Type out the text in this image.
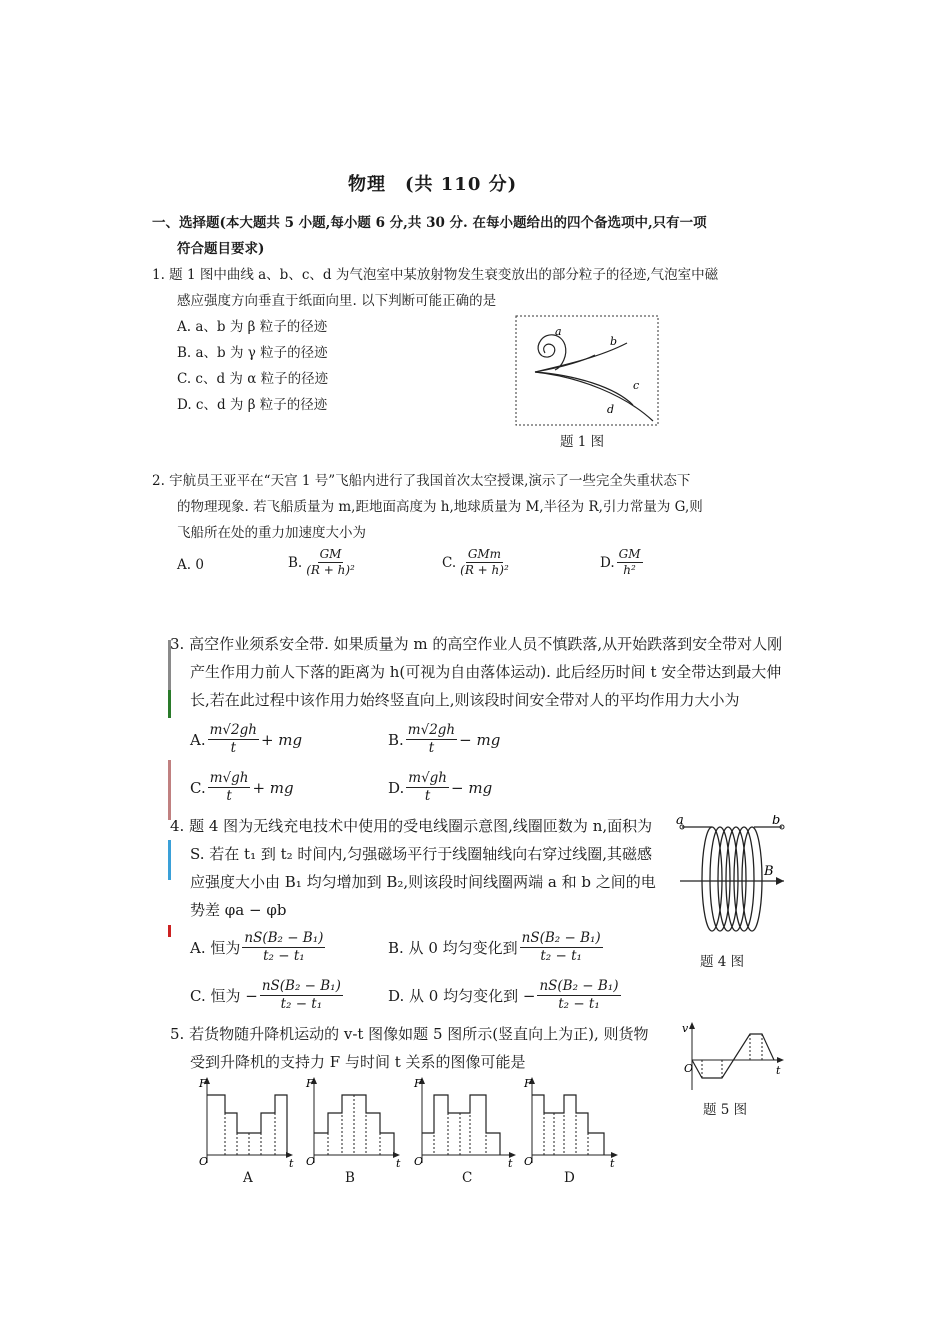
物理　(共 110 分)
一、选择题(本大题共 5 小题,每小题 6 分,共 30 分. 在每小题给出的四个备选项中,只有一项
符合题目要求)
1. 题 1 图中曲线 a、b、c、d 为气泡室中某放射物发生衰变放出的部分粒子的径迹,气泡室中磁
感应强度方向垂直于纸面向里. 以下判断可能正确的是
A. a、b 为 β 粒子的径迹
B. a、b 为 γ 粒子的径迹
C. c、d 为 α 粒子的径迹
D. c、d 为 β 粒子的径迹
a
b
c
d
题 1 图
2. 宇航员王亚平在“天宫 1 号”飞船内进行了我国首次太空授课,演示了一些完全失重状态下
的物理现象. 若飞船质量为 m,距地面高度为 h,地球质量为 M,半径为 R,引力常量为 G,则
飞船所在处的重力加速度大小为
A. 0	B. $\frac{GM}{\text{(R + h)²}}$	C. $\frac{\text{GMm}}{\text{(R + h)²}}$	D. $\frac{GM}{\text{h²}}$
3. 高空作业须系安全带. 如果质量为 m 的高空作业人员不慎跌落,从开始跌落到安全带对人刚
产生作用力前人下落的距离为 h(可视为自由落体运动). 此后经历时间 t 安全带达到最大伸
长,若在此过程中该作用力始终竖直向上,则该段时间安全带对人的平均作用力大小为
A. $\frac{m√2gh}{t}$ + mg	B. $\frac{m√2gh}{t}$ − mg
C. $\frac{m√gh}{t}$ + mg	D. $\frac{m√gh}{t}$ − mg
4. 题 4 图为无线充电技术中使用的受电线圈示意图,线圈匝数为 n,面积为
S. 若在 t₁ 到 t₂ 时间内,匀强磁场平行于线圈轴线向右穿过线圈,其磁感
应强度大小由 B₁ 均匀增加到 B₂,则该段时间线圈两端 a 和 b 之间的电
势差 φa − φb
A. 恒为 $\frac{\text{nS(B₂ − B₁)}}{\text{t₂ − t₁}}$	B. 从 0 均匀变化到 $\frac{\text{nS(B₂ − B₁)}}{\text{t₂ − t₁}}$
C. 恒为 − $\frac{\text{nS(B₂ − B₁)}}{\text{t₂ − t₁}}$	D. 从 0 均匀变化到 − $\frac{\text{nS(B₂ − B₁)}}{\text{t₂ − t₁}}$
a	b
B
题 4 图
5. 若货物随升降机运动的 v-t 图像如题 5 图所示(竖直向上为正), 则货物
受到升降机的支持力 F 与时间 t 关系的图像可能是
v
O	t
题 5 图
F
O	t
A
F
O	t
B
F
O	t
C
F
O	t
D
